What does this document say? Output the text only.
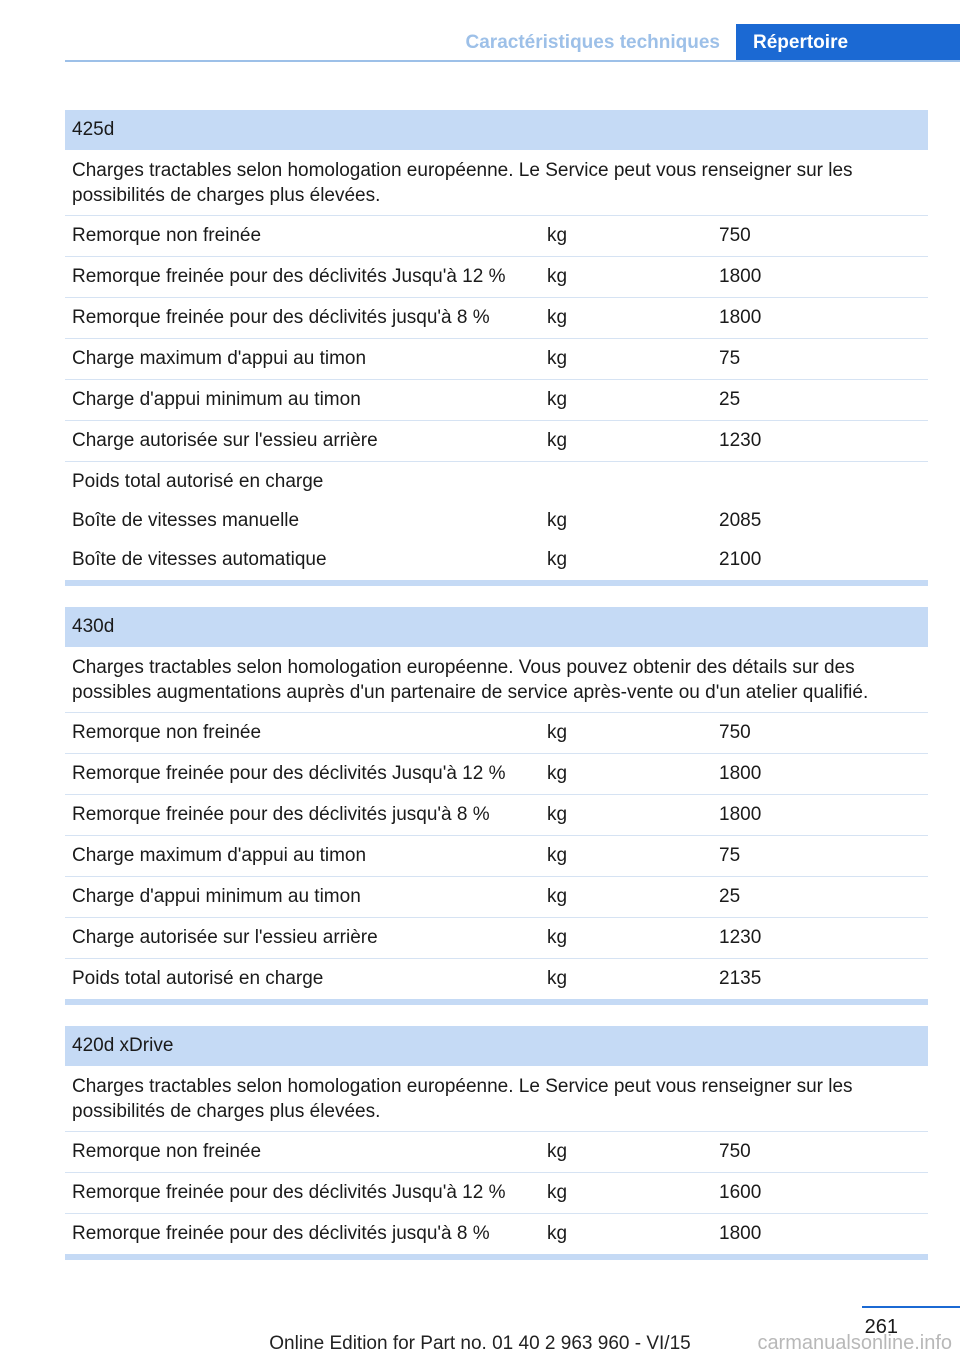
Caractéristiques techniques	Répertoire
425d
Charges tractables selon homologation européenne. Le Service peut vous renseigner sur les possibilités de charges plus élevées.
Remorque non freinée	kg	750
Remorque freinée pour des déclivités Jusqu'à 12 % kg	1800
Remorque freinée pour des déclivités jusqu'à 8 %	kg	1800
Charge maximum d'appui au timon	kg	75
Charge d'appui minimum au timon	kg	25
Charge autorisée sur l'essieu arrière	kg	1230
Poids total autorisé en charge
Boîte de vitesses manuelle	kg	2085
Boîte de vitesses automatique	kg	2100
430d
Charges tractables selon homologation européenne. Vous pouvez obtenir des détails sur des possibles augmentations auprès d'un partenaire de service après-vente ou d'un atelier qualifié.
Remorque non freinée	kg	750
Remorque freinée pour des déclivités Jusqu'à 12 % kg	1800
Remorque freinée pour des déclivités jusqu'à 8 %	kg	1800
Charge maximum d'appui au timon	kg	75
Charge d'appui minimum au timon	kg	25
Charge autorisée sur l'essieu arrière	kg	1230
Poids total autorisé en charge	kg	2135
420d xDrive
Charges tractables selon homologation européenne. Le Service peut vous renseigner sur les possibilités de charges plus élevées.
Remorque non freinée	kg	750
Remorque freinée pour des déclivités Jusqu'à 12 % kg	1600
Remorque freinée pour des déclivités jusqu'à 8 %	kg	1800
261
Online Edition for Part no. 01 40 2 963 960 - VI/15	carmanualsonline.info
